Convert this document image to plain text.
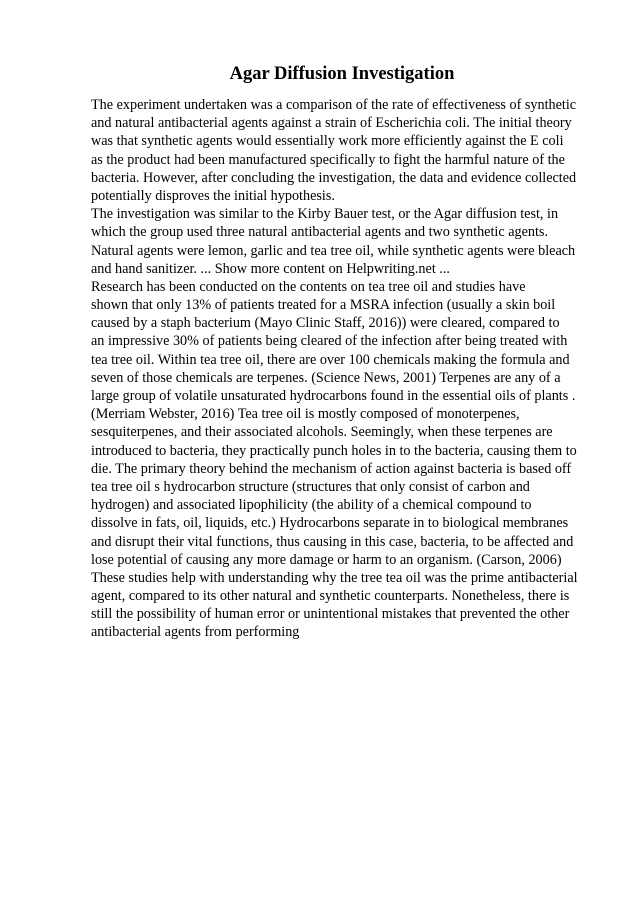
Agar Diffusion Investigation
The experiment undertaken was a comparison of the rate of effectiveness of synthetic
and natural antibacterial agents against a strain of Escherichia coli. The initial theory
was that synthetic agents would essentially work more efficiently against the E coli
as the product had been manufactured specifically to fight the harmful nature of the
bacteria. However, after concluding the investigation, the data and evidence collected
potentially disproves the initial hypothesis.
The investigation was similar to the Kirby Bauer test, or the Agar diffusion test, in
which the group used three natural antibacterial agents and two synthetic agents.
Natural agents were lemon, garlic and tea tree oil, while synthetic agents were bleach
and hand sanitizer. ... Show more content on Helpwriting.net ...
Research has been conducted on the contents on tea tree oil and studies have
shown that only 13% of patients treated for a MSRA infection (usually a skin boil
caused by a staph bacterium (Mayo Clinic Staff, 2016)) were cleared, compared to
an impressive 30% of patients being cleared of the infection after being treated with
tea tree oil. Within tea tree oil, there are over 100 chemicals making the formula and
seven of those chemicals are terpenes. (Science News, 2001) Terpenes are any of a
large group of volatile unsaturated hydrocarbons found in the essential oils of plants .
(Merriam Webster, 2016) Tea tree oil is mostly composed of monoterpenes,
sesquiterpenes, and their associated alcohols. Seemingly, when these terpenes are
introduced to bacteria, they practically punch holes in to the bacteria, causing them to
die. The primary theory behind the mechanism of action against bacteria is based off
tea tree oil s hydrocarbon structure (structures that only consist of carbon and
hydrogen) and associated lipophilicity (the ability of a chemical compound to
dissolve in fats, oil, liquids, etc.) Hydrocarbons separate in to biological membranes
and disrupt their vital functions, thus causing in this case, bacteria, to be affected and
lose potential of causing any more damage or harm to an organism. (Carson, 2006)
These studies help with understanding why the tree tea oil was the prime antibacterial
agent, compared to its other natural and synthetic counterparts. Nonetheless, there is
still the possibility of human error or unintentional mistakes that prevented the other
antibacterial agents from performing
